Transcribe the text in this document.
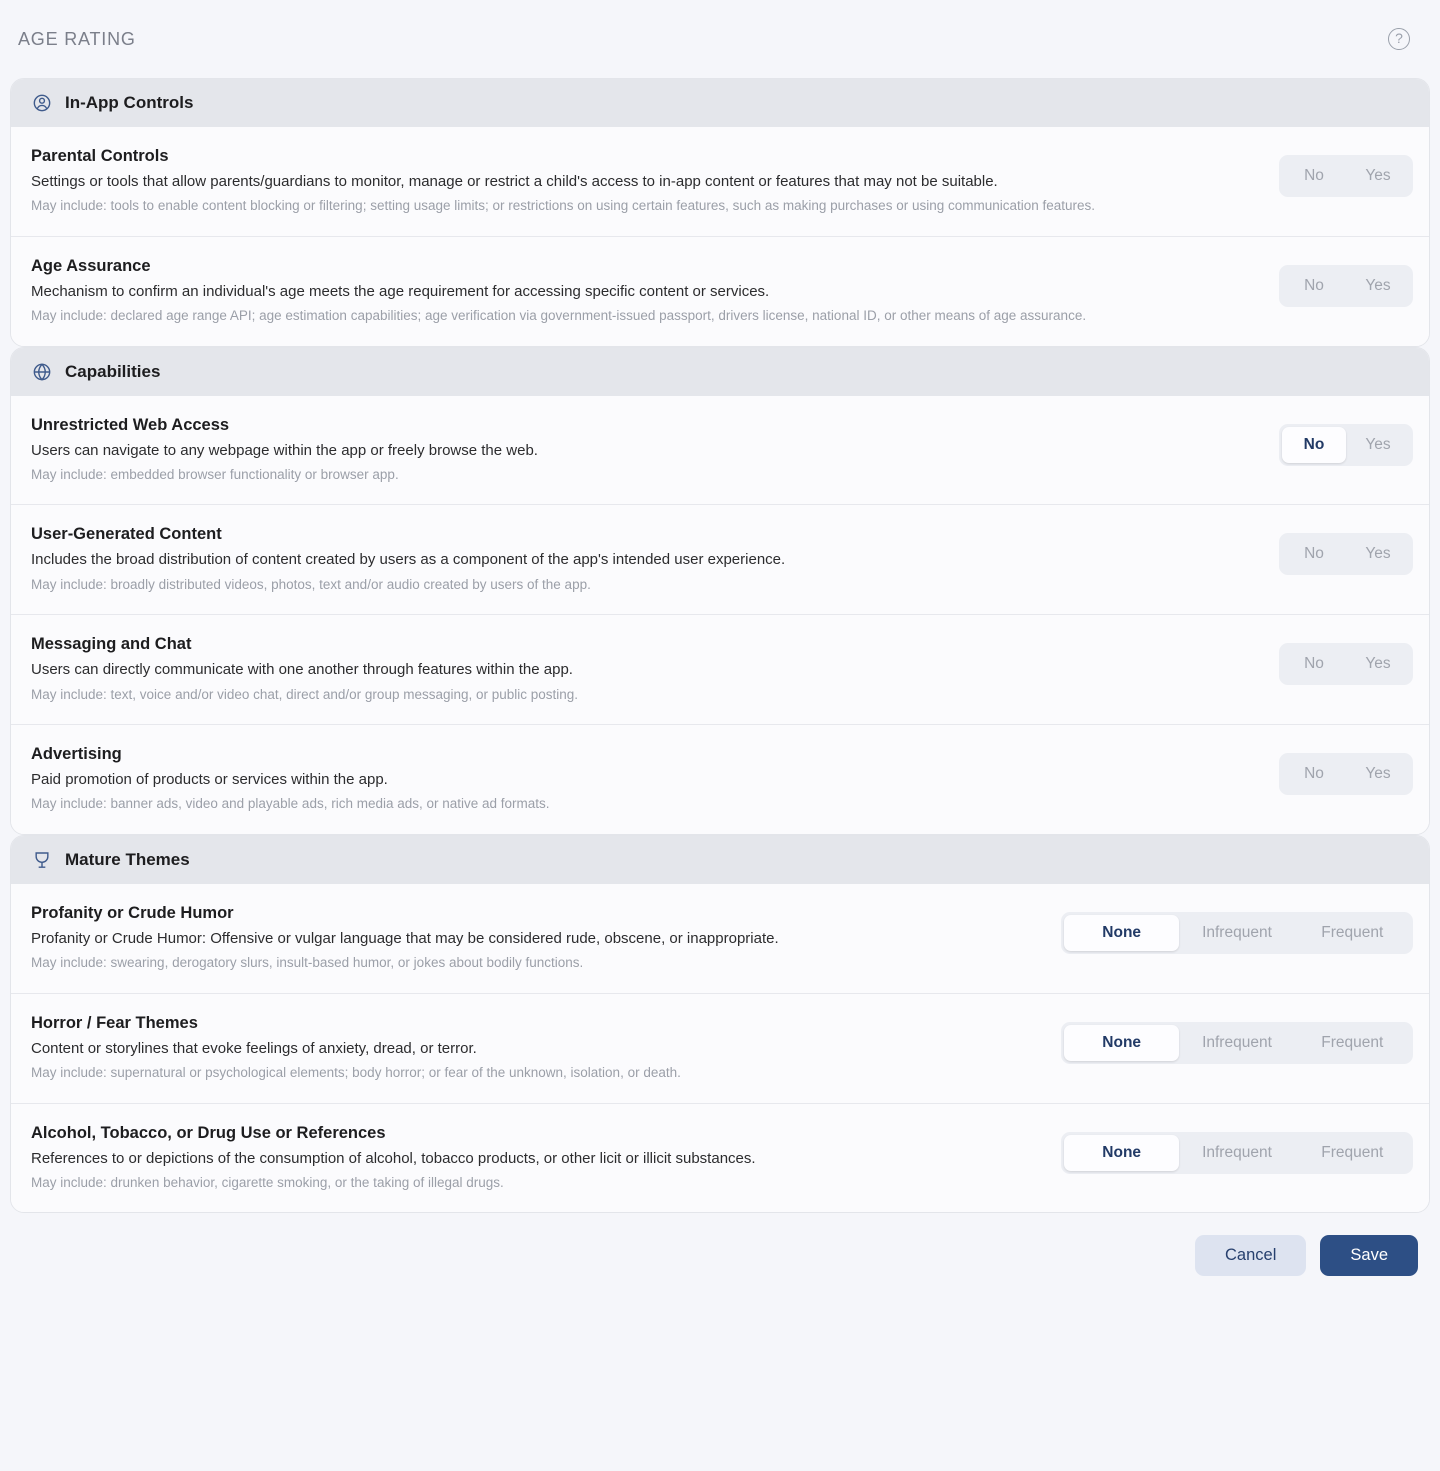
AGE RATING	?
In-App Controls
Parental Controls
Settings or tools that allow parents/guardians to monitor, manage or restrict a child's access to in-app content or features that may not be suitable.
May include: tools to enable content blocking or filtering; setting usage limits; or restrictions on using certain features, such as making purchases or using communication features.
No	Yes
Age Assurance
Mechanism to confirm an individual's age meets the age requirement for accessing specific content or services.
May include: declared age range API; age estimation capabilities; age verification via government-issued passport, drivers license, national ID, or other means of age assurance.
No	Yes
Capabilities
Unrestricted Web Access
Users can navigate to any webpage within the app or freely browse the web.
May include: embedded browser functionality or browser app.
No	Yes
User-Generated Content
Includes the broad distribution of content created by users as a component of the app's intended user experience.
May include: broadly distributed videos, photos, text and/or audio created by users of the app.
No	Yes
Messaging and Chat
Users can directly communicate with one another through features within the app.
May include: text, voice and/or video chat, direct and/or group messaging, or public posting.
No	Yes
Advertising
Paid promotion of products or services within the app.
May include: banner ads, video and playable ads, rich media ads, or native ad formats.
No	Yes
Mature Themes
Profanity or Crude Humor
Profanity or Crude Humor: Offensive or vulgar language that may be considered rude, obscene, or inappropriate.
May include: swearing, derogatory slurs, insult-based humor, or jokes about bodily functions.
None	Infrequent	Frequent
Horror / Fear Themes
Content or storylines that evoke feelings of anxiety, dread, or terror.
May include: supernatural or psychological elements; body horror; or fear of the unknown, isolation, or death.
None	Infrequent	Frequent
Alcohol, Tobacco, or Drug Use or References
References to or depictions of the consumption of alcohol, tobacco products, or other licit or illicit substances.
May include: drunken behavior, cigarette smoking, or the taking of illegal drugs.
None	Infrequent	Frequent
Cancel	Save
